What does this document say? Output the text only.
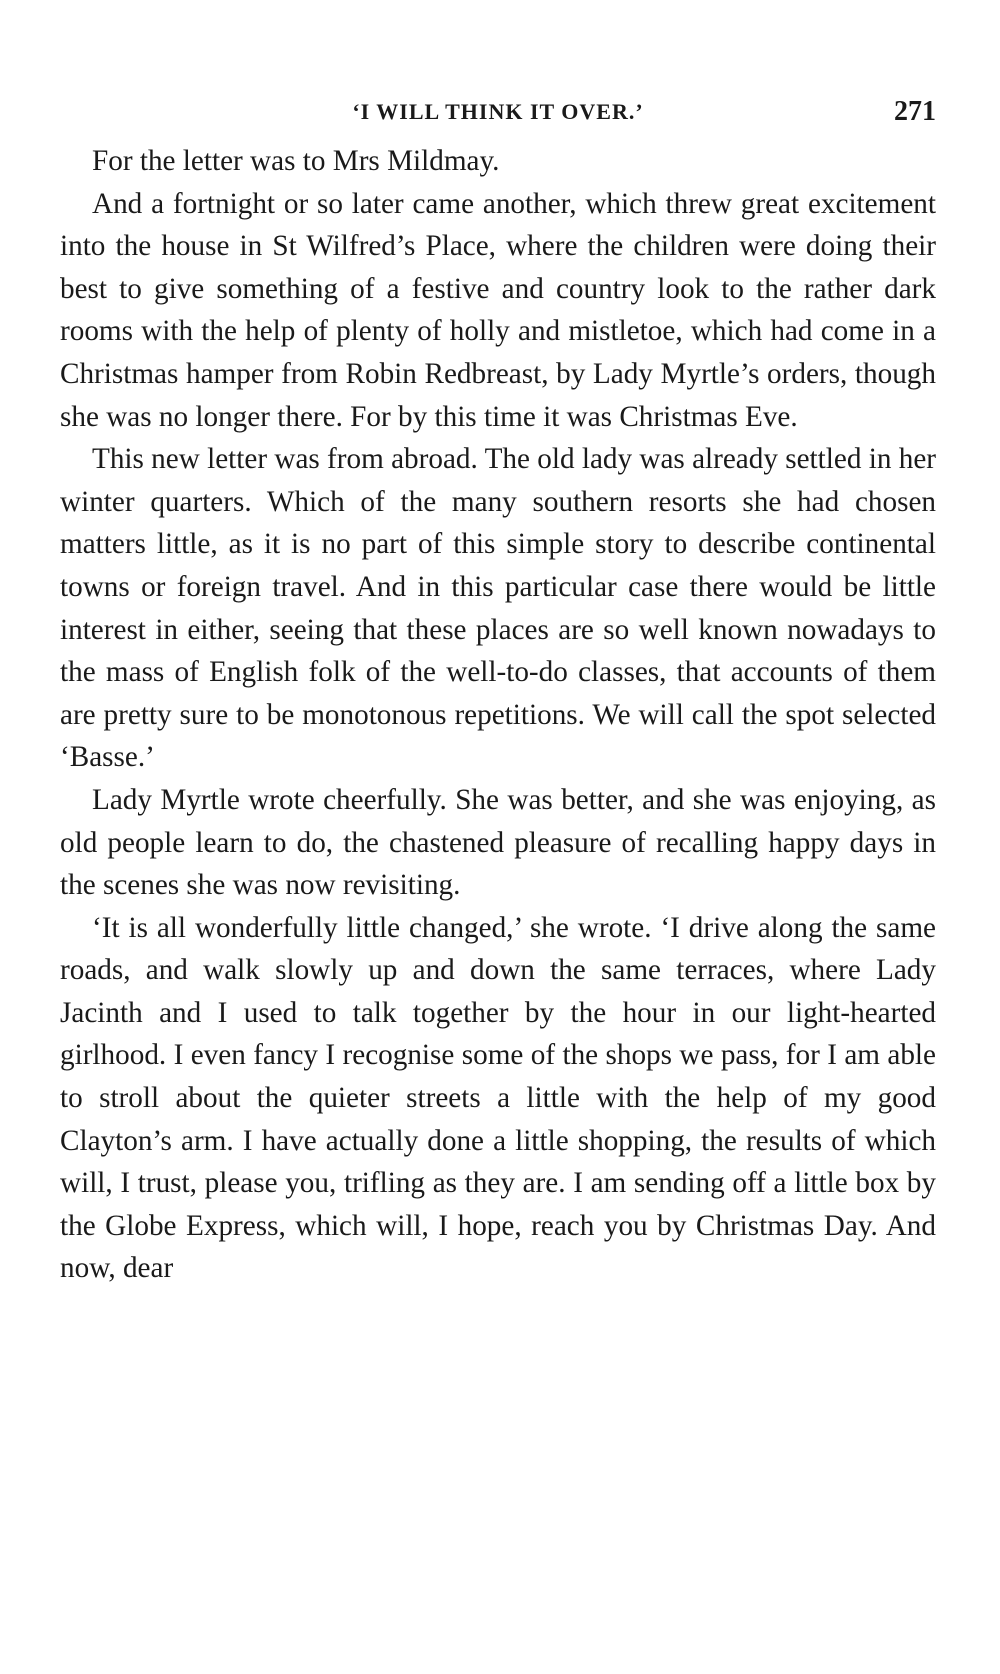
‘I WILL THINK IT OVER.’	271

For the letter was to Mrs Mildmay.

And a fortnight or so later came another, which threw great excitement into the house in St Wilfred’s Place, where the children were doing their best to give something of a festive and country look to the rather dark rooms with the help of plenty of holly and mistletoe, which had come in a Christmas hamper from Robin Redbreast, by Lady Myrtle’s orders, though she was no longer there. For by this time it was Christmas Eve.

This new letter was from abroad. The old lady was already settled in her winter quarters. Which of the many southern resorts she had chosen matters little, as it is no part of this simple story to describe continental towns or foreign travel. And in this particular case there would be little interest in either, seeing that these places are so well known nowadays to the mass of English folk of the well-to-do classes, that accounts of them are pretty sure to be monotonous repetitions. We will call the spot selected ‘Basse.’

Lady Myrtle wrote cheerfully. She was better, and she was enjoying, as old people learn to do, the chastened pleasure of recalling happy days in the scenes she was now revisiting.

‘It is all wonderfully little changed,’ she wrote. ‘I drive along the same roads, and walk slowly up and down the same terraces, where Lady Jacinth and I used to talk together by the hour in our light-hearted girlhood. I even fancy I recognise some of the shops we pass, for I am able to stroll about the quieter streets a little with the help of my good Clayton’s arm. I have actually done a little shopping, the results of which will, I trust, please you, trifling as they are. I am sending off a little box by the Globe Express, which will, I hope, reach you by Christmas Day. And now, dear
